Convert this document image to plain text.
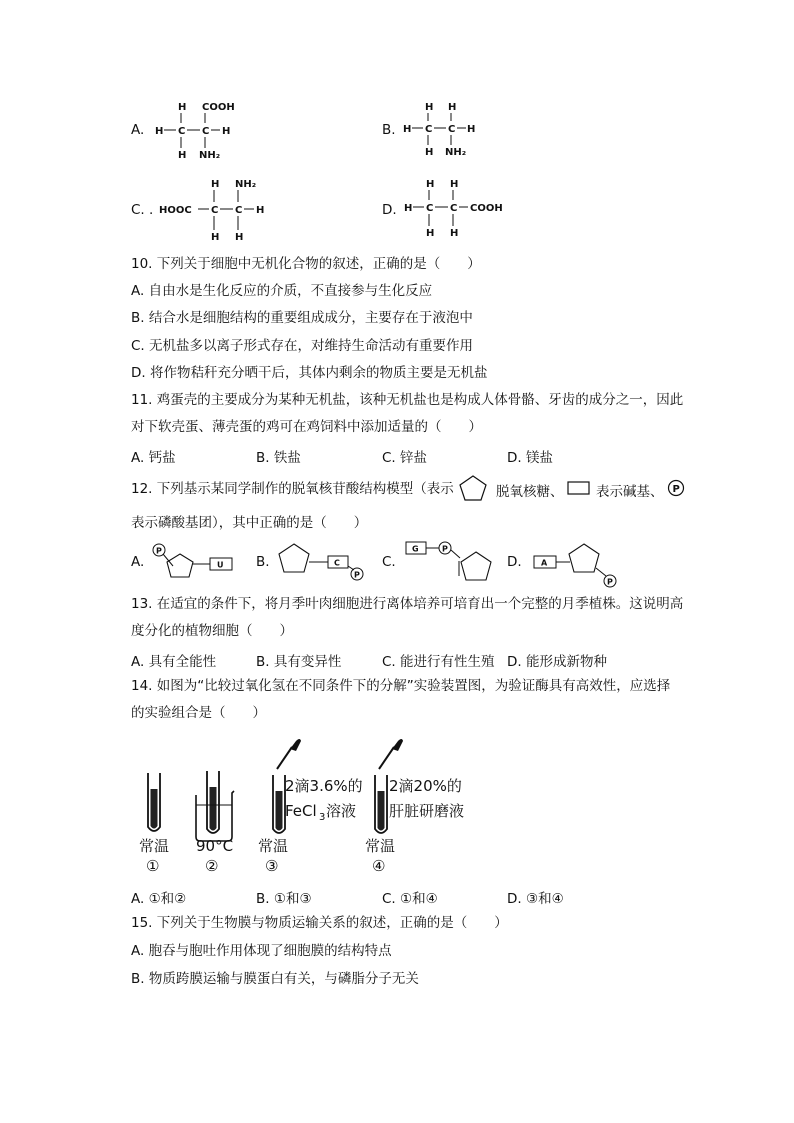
A.
H COOH
H C C H
H NH₂
B.
H H
H C C H
H NH₂
C. .
H NH₂
HOOC C C H
H H
D.
H H
H C C COOH
H H
10. 下列关于细胞中无机化合物的叙述，正确的是（　　）
A. 自由水是生化反应的介质，不直接参与生化反应
B. 结合水是细胞结构的重要组成成分，主要存在于液泡中
C. 无机盐多以离子形式存在，对维持生命活动有重要作用
D. 将作物秸秆充分晒干后，其体内剩余的物质主要是无机盐
11. 鸡蛋壳的主要成分为某种无机盐，该种无机盐也是构成人体骨骼、牙齿的成分之一，因此
对下软壳蛋、薄壳蛋的鸡可在鸡饲料中添加适量的（　　）
A. 钙盐	B. 铁盐	C. 锌盐	D. 镁盐
12. 下列基示某同学制作的脱氧核苷酸结构模型（表示	脱氧核糖、 表示碱基、 P
表示磷酸基团），其中正确的是（　　）
A.
P
U B.	C
P
C.
G	P
D. A
P
13. 在适宜的条件下，将月季叶肉细胞进行离体培养可培育出一个完整的月季植株。这说明高
度分化的植物细胞（　　）
A. 具有全能性	B. 具有变异性	C. 能进行有性生殖 D. 能形成新物种
14. 如图为“比较过氧化氢在不同条件下的分解”实验装置图，为验证酶具有高效性，应选择
的实验组合是（　　）
2滴3.6%的
FeCl 3 溶液
2滴20%的
肝脏研磨液
常温 90°C 常温	常温
①	②	③	④
A. ①和②	B. ①和③	C. ①和④	D. ③和④
15. 下列关于生物膜与物质运输关系的叙述，正确的是（　　）
A. 胞吞与胞吐作用体现了细胞膜的结构特点
B. 物质跨膜运输与膜蛋白有关，与磷脂分子无关
